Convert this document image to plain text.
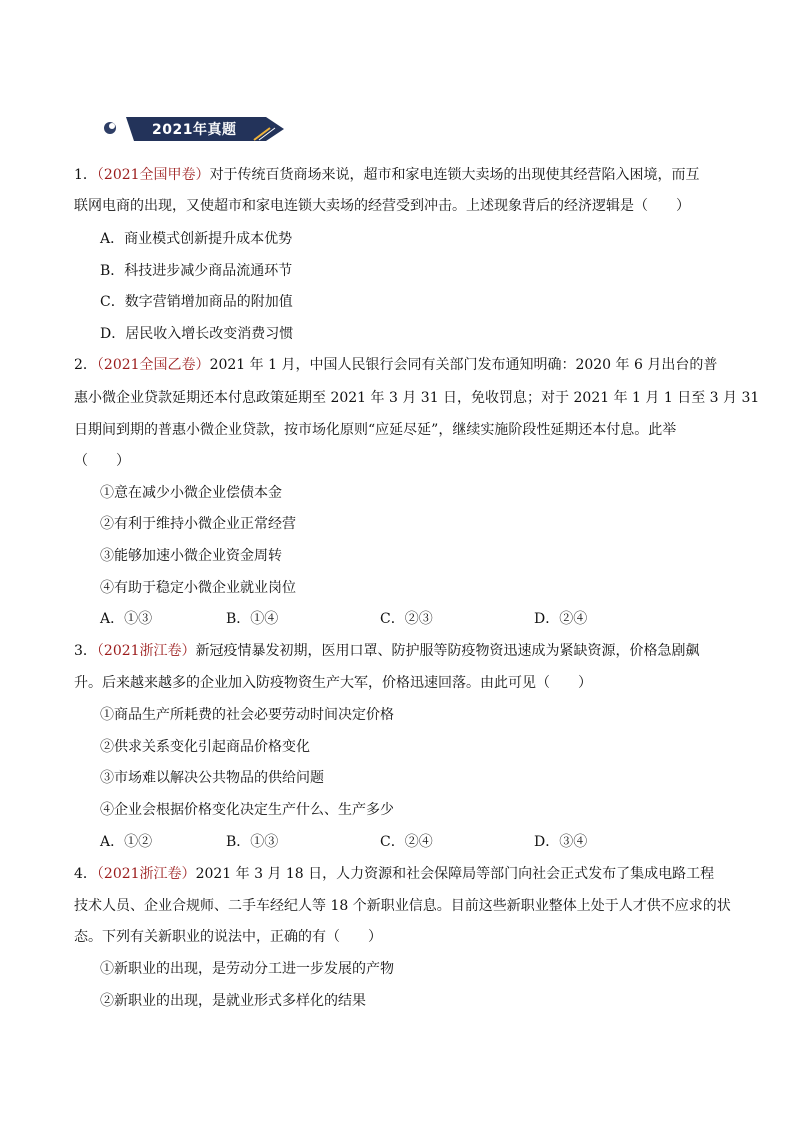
2021年真题
1．（2021全国甲卷）对于传统百货商场来说，超市和家电连锁大卖场的出现使其经营陷入困境，而互
联网电商的出现，又使超市和家电连锁大卖场的经营受到冲击。上述现象背后的经济逻辑是（　　）
A．商业模式创新提升成本优势
B．科技进步减少商品流通环节
C．数字营销增加商品的附加值
D．居民收入增长改变消费习惯
2．（2021全国乙卷）2021 年 1 月，中国人民银行会同有关部门发布通知明确：2020 年 6 月出台的普
惠小微企业贷款延期还本付息政策延期至 2021 年 3 月 31 日，免收罚息；对于 2021 年 1 月 1 日至 3 月 31
日期间到期的普惠小微企业贷款，按市场化原则“应延尽延”，继续实施阶段性延期还本付息。此举
（　　）
①意在减少小微企业偿债本金
②有利于维持小微企业正常经营
③能够加速小微企业资金周转
④有助于稳定小微企业就业岗位
A．①③	B．①④	C．②③	D．②④
3．（2021浙江卷）新冠疫情暴发初期，医用口罩、防护服等防疫物资迅速成为紧缺资源，价格急剧飙
升。后来越来越多的企业加入防疫物资生产大军，价格迅速回落。由此可见（　　）
①商品生产所耗费的社会必要劳动时间决定价格
②供求关系变化引起商品价格变化
③市场难以解决公共物品的供给问题
④企业会根据价格变化决定生产什么、生产多少
A．①②	B．①③	C．②④	D．③④
4．（2021浙江卷）2021 年 3 月 18 日，人力资源和社会保障局等部门向社会正式发布了集成电路工程
技术人员、企业合规师、二手车经纪人等 18 个新职业信息。目前这些新职业整体上处于人才供不应求的状
态。下列有关新职业的说法中，正确的有（　　）
①新职业的出现，是劳动分工进一步发展的产物
②新职业的出现，是就业形式多样化的结果
